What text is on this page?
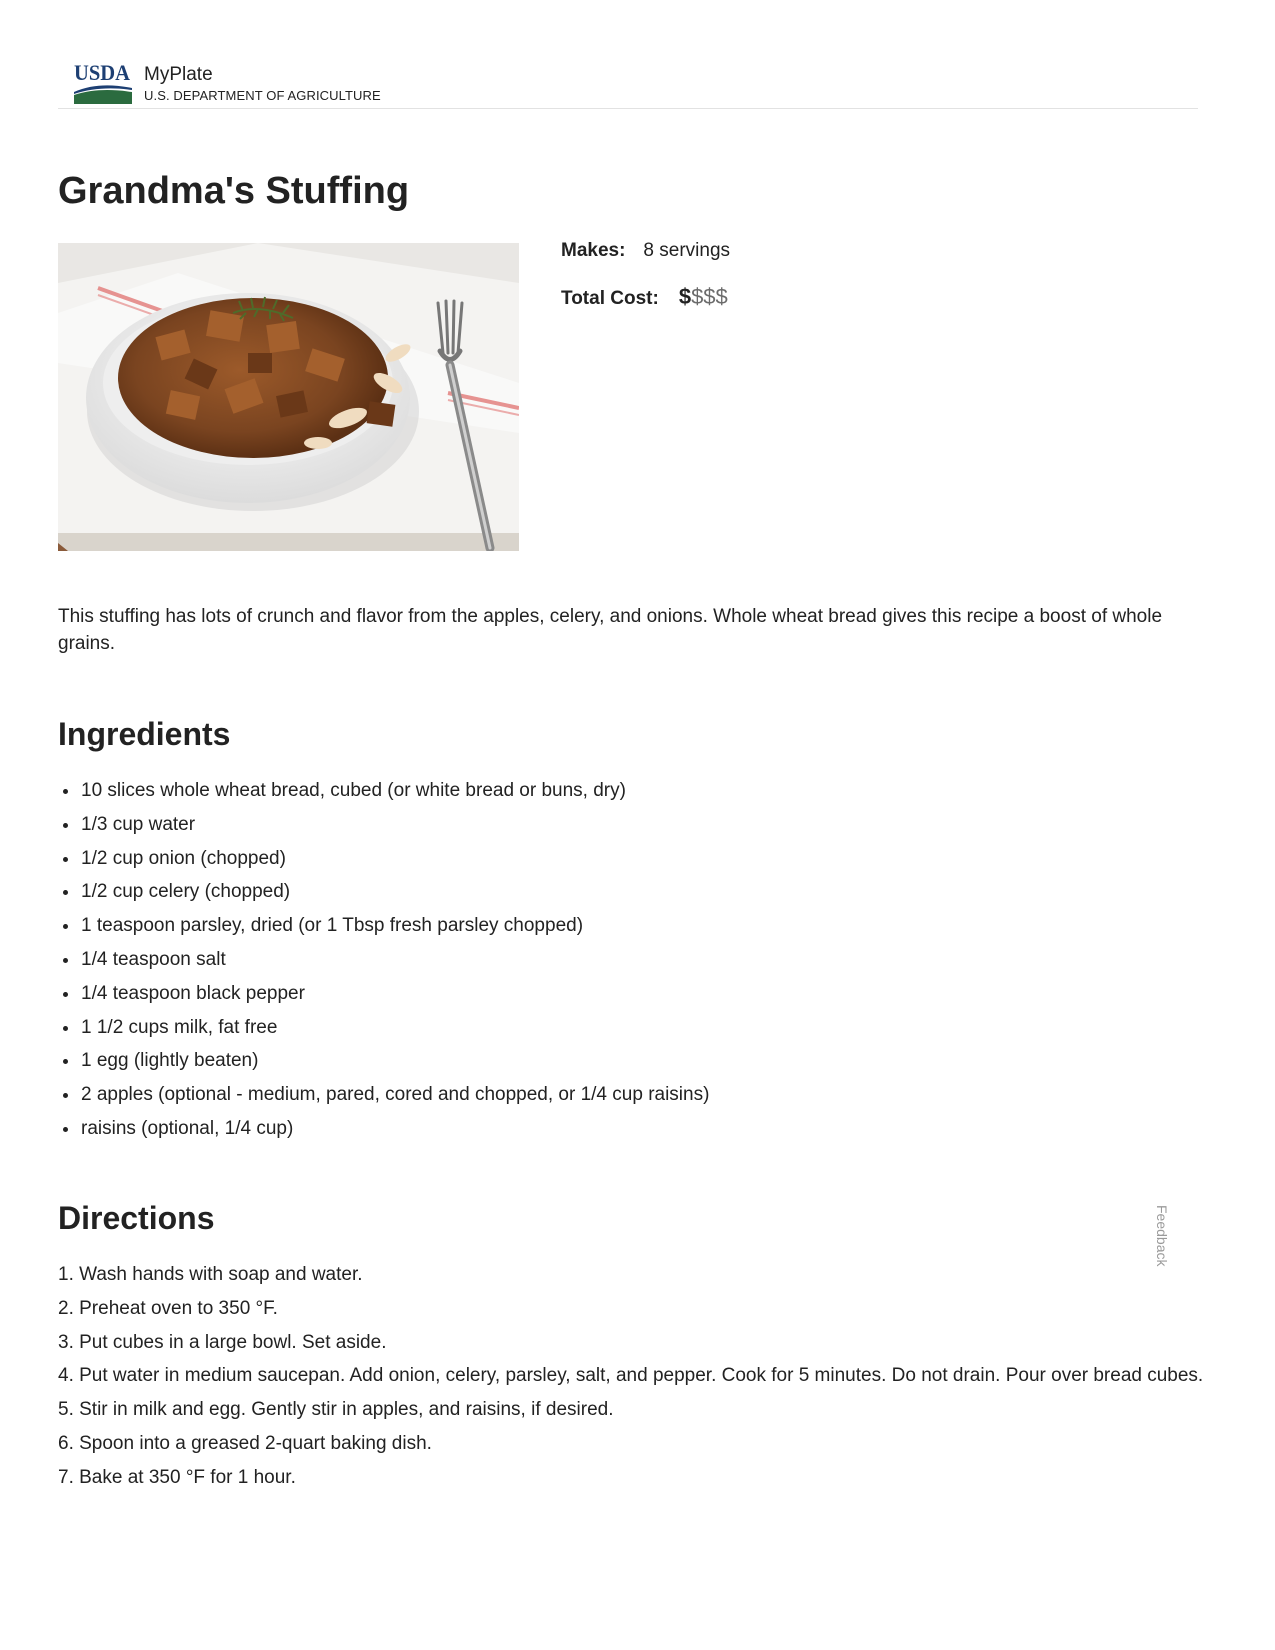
USDA MyPlate
U.S. DEPARTMENT OF AGRICULTURE
Grandma's Stuffing
Makes: 8 servings
Total Cost: $$$$

This stuffing has lots of crunch and flavor from the apples, celery, and onions. Whole wheat bread gives this recipe a boost of whole grains.

Ingredients
10 slices whole wheat bread, cubed (or white bread or buns, dry)
1/3 cup water
1/2 cup onion (chopped)
1/2 cup celery (chopped)
1 teaspoon parsley, dried (or 1 Tbsp fresh parsley chopped)
1/4 teaspoon salt
1/4 teaspoon black pepper
1 1/2 cups milk, fat free
1 egg (lightly beaten)
2 apples (optional - medium, pared, cored and chopped, or 1/4 cup raisins)
raisins (optional, 1/4 cup)
Directions
1. Wash hands with soap and water.
2. Preheat oven to 350 °F.
3. Put cubes in a large bowl. Set aside.
4. Put water in medium saucepan. Add onion, celery, parsley, salt, and pepper. Cook for 5 minutes. Do not drain. Pour over bread cubes.
5. Stir in milk and egg. Gently stir in apples, and raisins, if desired.
6. Spoon into a greased 2-quart baking dish.
7. Bake at 350 °F for 1 hour.
Feedback
